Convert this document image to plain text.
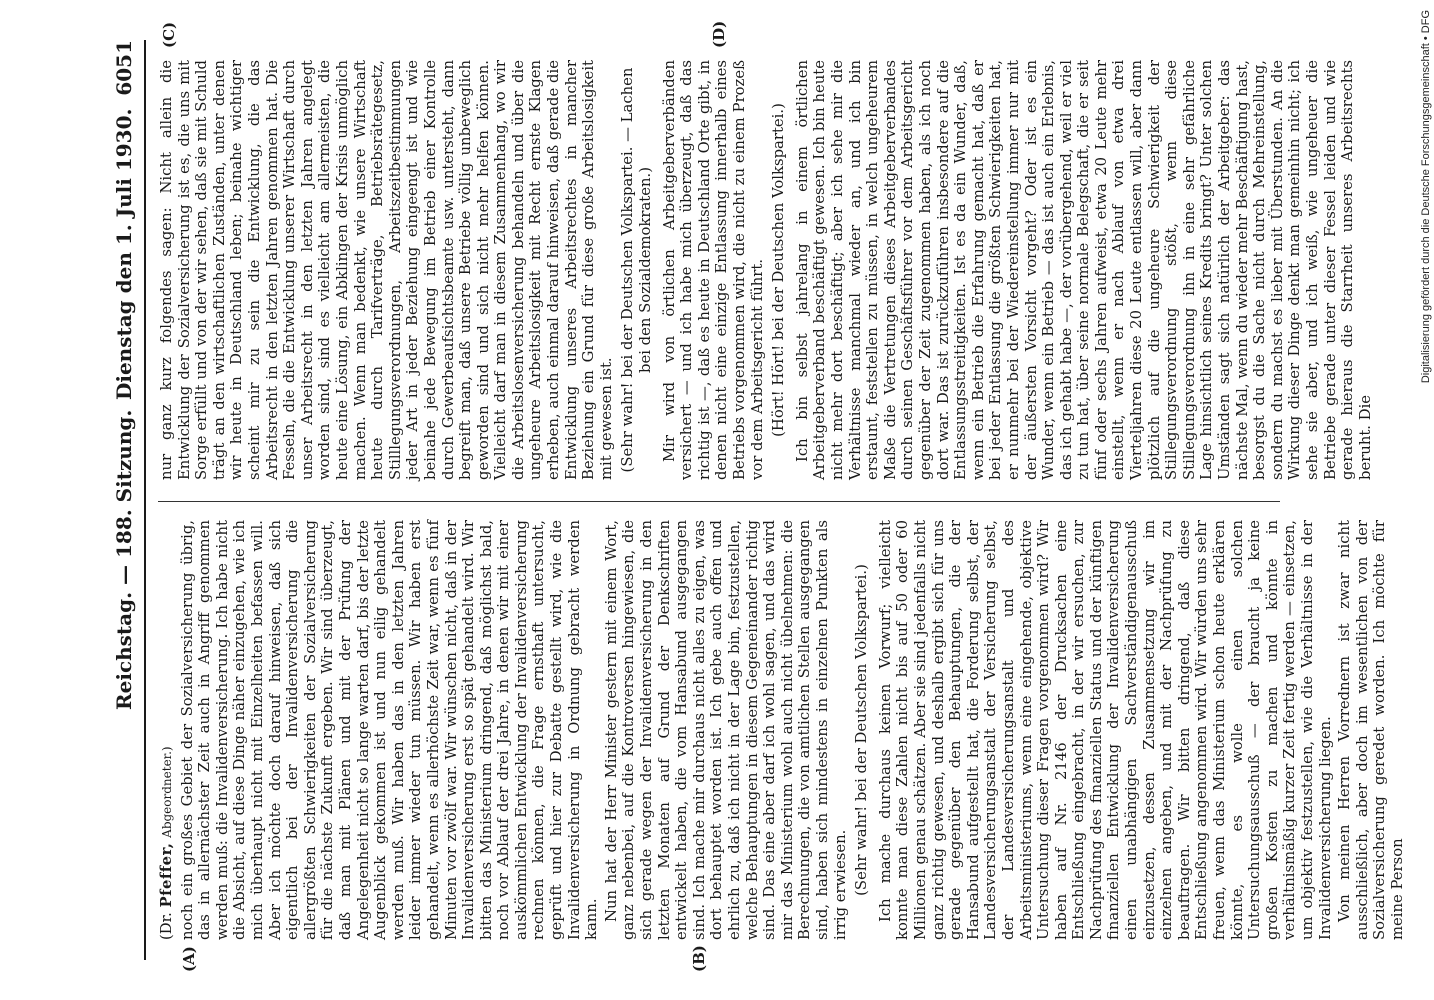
Reichstag. — 188. Sitzung.
Dienstag den 1. Juli 1930.
6051
(A)	(B)
(C)	(D)

(Dr. Pfeffer, Abgeordneter.) noch ein großes Gebiet der Sozialversicherung übrig, das in allernächster Zeit auch in Angriff genommen werden muß: die Invalidenversicherung. Ich habe nicht die Absicht, auf diese Dinge näher einzugehen, wie ich mich überhaupt nicht mit Einzelheiten befassen will. Aber ich möchte doch darauf hinweisen, daß sich eigentlich bei der Invalidenversicherung die allergrößten Schwierigkeiten der Sozialversicherung für die nächste Zukunft ergeben. Wir sind überzeugt, daß man mit Plänen und mit der Prüfung der Angelegenheit nicht so lange warten darf, bis der letzte Augenblick gekommen ist und nun eilig gehandelt werden muß. Wir haben das in den letzten Jahren leider immer wieder tun müssen. Wir haben erst gehandelt, wenn es allerhöchste Zeit war, wenn es fünf Minuten vor zwölf war. Wir wünschen nicht, daß in der Invalidenversicherung erst so spät gehandelt wird. Wir bitten das Ministerium dringend, daß möglichst bald, noch vor Ablauf der drei Jahre, in denen wir mit einer auskömmlichen Entwicklung der Invalidenversicherung rechnen können, die Frage ernsthaft untersucht, geprüft und hier zur Debatte gestellt wird, wie die Invalidenversicherung in Ordnung gebracht werden kann. Nun hat der Herr Minister gestern mit einem Wort, ganz nebenbei, auf die Kontroversen hingewiesen, die sich gerade wegen der Invalidenversicherung in den letzten Monaten auf Grund der Denkschriften entwickelt haben, die vom Hansabund ausgegangen sind. Ich mache mir durchaus nicht alles zu eigen, was dort behauptet worden ist. Ich gebe auch offen und ehrlich zu, daß ich nicht in der Lage bin, festzustellen, welche Behauptungen in diesem Gegeneinander richtig sind. Das eine aber darf ich wohl sagen, und das wird mir das Ministerium wohl auch nicht übelnehmen: die Berechnungen, die von amtlichen Stellen ausgegangen sind, haben sich mindestens in einzelnen Punkten als irrig erwiesen. (Sehr wahr! bei der Deutschen Volkspartei.) Ich mache durchaus keinen Vorwurf; vielleicht konnte man diese Zahlen nicht bis auf 50 oder 60 Millionen genau schätzen. Aber sie sind jedenfalls nicht ganz richtig gewesen, und deshalb ergibt sich für uns gerade gegenüber den Behauptungen, die der Hansabund aufgestellt hat, die Forderung selbst, der Landesversicherungsanstalt der Versicherung selbst, der Landesversicherungsanstalt und des Arbeitsministeriums, wenn eine eingehende, objektive Untersuchung dieser Fragen vorgenommen wird? Wir haben auf Nr. 2146 der Drucksachen eine Entschließung eingebracht, in der wir ersuchen, zur Nachprüfung des finanziellen Status und der künftigen finanziellen Entwicklung der Invalidenversicherung einen unabhängigen Sachverständigenausschuß einzusetzen, dessen Zusammensetzung wir im einzelnen angeben, und mit der Nachprüfung zu beauftragen. Wir bitten dringend, daß diese Entschließung angenommen wird. Wir würden uns sehr freuen, wenn das Ministerium schon heute erklären könnte, es wolle einen solchen Untersuchungsausschuß — der braucht ja keine großen Kosten zu machen und könnte in verhältnismäßig kurzer Zeit fertig werden — einsetzen, um objektiv festzustellen, wie die Verhältnisse in der Invalidenversicherung liegen. Von meinen Herren Vorrednern ist zwar nicht ausschließlich, aber doch im wesentlichen von der Sozialversicherung geredet worden. Ich möchte für meine Person

nur ganz kurz folgendes sagen: Nicht allein die Entwicklung der Sozialversicherung ist es, die uns mit Sorge erfüllt und von der wir sehen, daß sie mit Schuld trägt an den wirtschaftlichen Zuständen, unter denen wir heute in Deutschland leben; beinahe wichtiger scheint mir zu sein die Entwicklung, die das Arbeitsrecht in den letzten Jahren genommen hat. Die Fesseln, die die Entwicklung unserer Wirtschaft durch unser Arbeitsrecht in den letzten Jahren angelegt worden sind, sind es vielleicht am allermeisten, die heute eine Lösung, ein Abklingen der Krisis unmöglich machen. Wenn man bedenkt, wie unsere Wirtschaft heute durch Tarifverträge, Betriebsrätegesetz, Stilllegungsverordnungen, Arbeitszeitbestimmungen jeder Art in jeder Beziehung eingeengt ist und wie beinahe jede Bewegung im Betrieb einer Kontrolle durch Gewerbeaufsichtsbeamte usw. untersteht, dann begreift man, daß unsere Betriebe völlig unbeweglich geworden sind und sich nicht mehr helfen können. Vielleicht darf man in diesem Zusammenhang, wo wir die Arbeitslosenversicherung behandeln und über die ungeheure Arbeitslosigkeit mit Recht ernste Klagen erheben, auch einmal darauf hinweisen, daß gerade die Entwicklung unseres Arbeitsrechtes in mancher Beziehung ein Grund für diese große Arbeitslosigkeit mit gewesen ist. (Sehr wahr! bei der Deutschen Volkspartei. — Lachen bei den Sozialdemokraten.) Mir wird von örtlichen Arbeitgeberverbänden versichert — und ich habe mich überzeugt, daß das richtig ist —, daß es heute in Deutschland Orte gibt, in denen nicht eine einzige Entlassung innerhalb eines Betriebs vorgenommen wird, die nicht zu einem Prozeß vor dem Arbeitsgericht führt. (Hört! Hört! bei der Deutschen Volkspartei.) Ich bin selbst jahrelang in einem örtlichen Arbeitgeberverband beschäftigt gewesen. Ich bin heute nicht mehr dort beschäftigt; aber ich sehe mir die Verhältnisse manchmal wieder an, und ich bin erstaunt, feststellen zu müssen, in welch ungeheurem Maße die Vertretungen dieses Arbeitgeberverbandes durch seinen Geschäftsführer vor dem Arbeitsgericht gegenüber der Zeit zugenommen haben, als ich noch dort war. Das ist zurückzuführen insbesondere auf die Entlassungsstreitigkeiten. Ist es da ein Wunder, daß, wenn ein Betrieb die Erfahrung gemacht hat, daß er bei jeder Entlassung die größten Schwierigkeiten hat, er nunmehr bei der Wiedereinstellung immer nur mit der äußersten Vorsicht vorgeht? Oder ist es ein Wunder, wenn ein Betrieb — das ist auch ein Erlebnis, das ich gehabt habe —, der vorübergehend, weil er viel zu tun hat, über seine normale Belegschaft, die er seit fünf oder sechs Jahren aufweist, etwa 20 Leute mehr einstellt, wenn er nach Ablauf von etwa drei Vierteljahren diese 20 Leute entlassen will, aber dann plötzlich auf die ungeheure Schwierigkeit der Stillegungsverordnung stößt, wenn diese Stillegungsverordnung ihn in eine sehr gefährliche Lage hinsichtlich seines Kredits bringt? Unter solchen Umständen sagt sich natürlich der Arbeitgeber: das nächste Mal, wenn du wieder mehr Beschäftigung hast, besorgst du die Sache nicht durch Mehreinstellung, sondern du machst es lieber mit Überstunden. An die Wirkung dieser Dinge denkt man gemeinhin nicht; ich sehe sie aber, und ich weiß, wie ungeheuer die Betriebe gerade unter dieser Fessel leiden und wie gerade hieraus die Starrheit unseres Arbeitsrechts beruht. Die

Digitalisierung gefördert durch die Deutsche Forschungsgemeinschaft • DFG
